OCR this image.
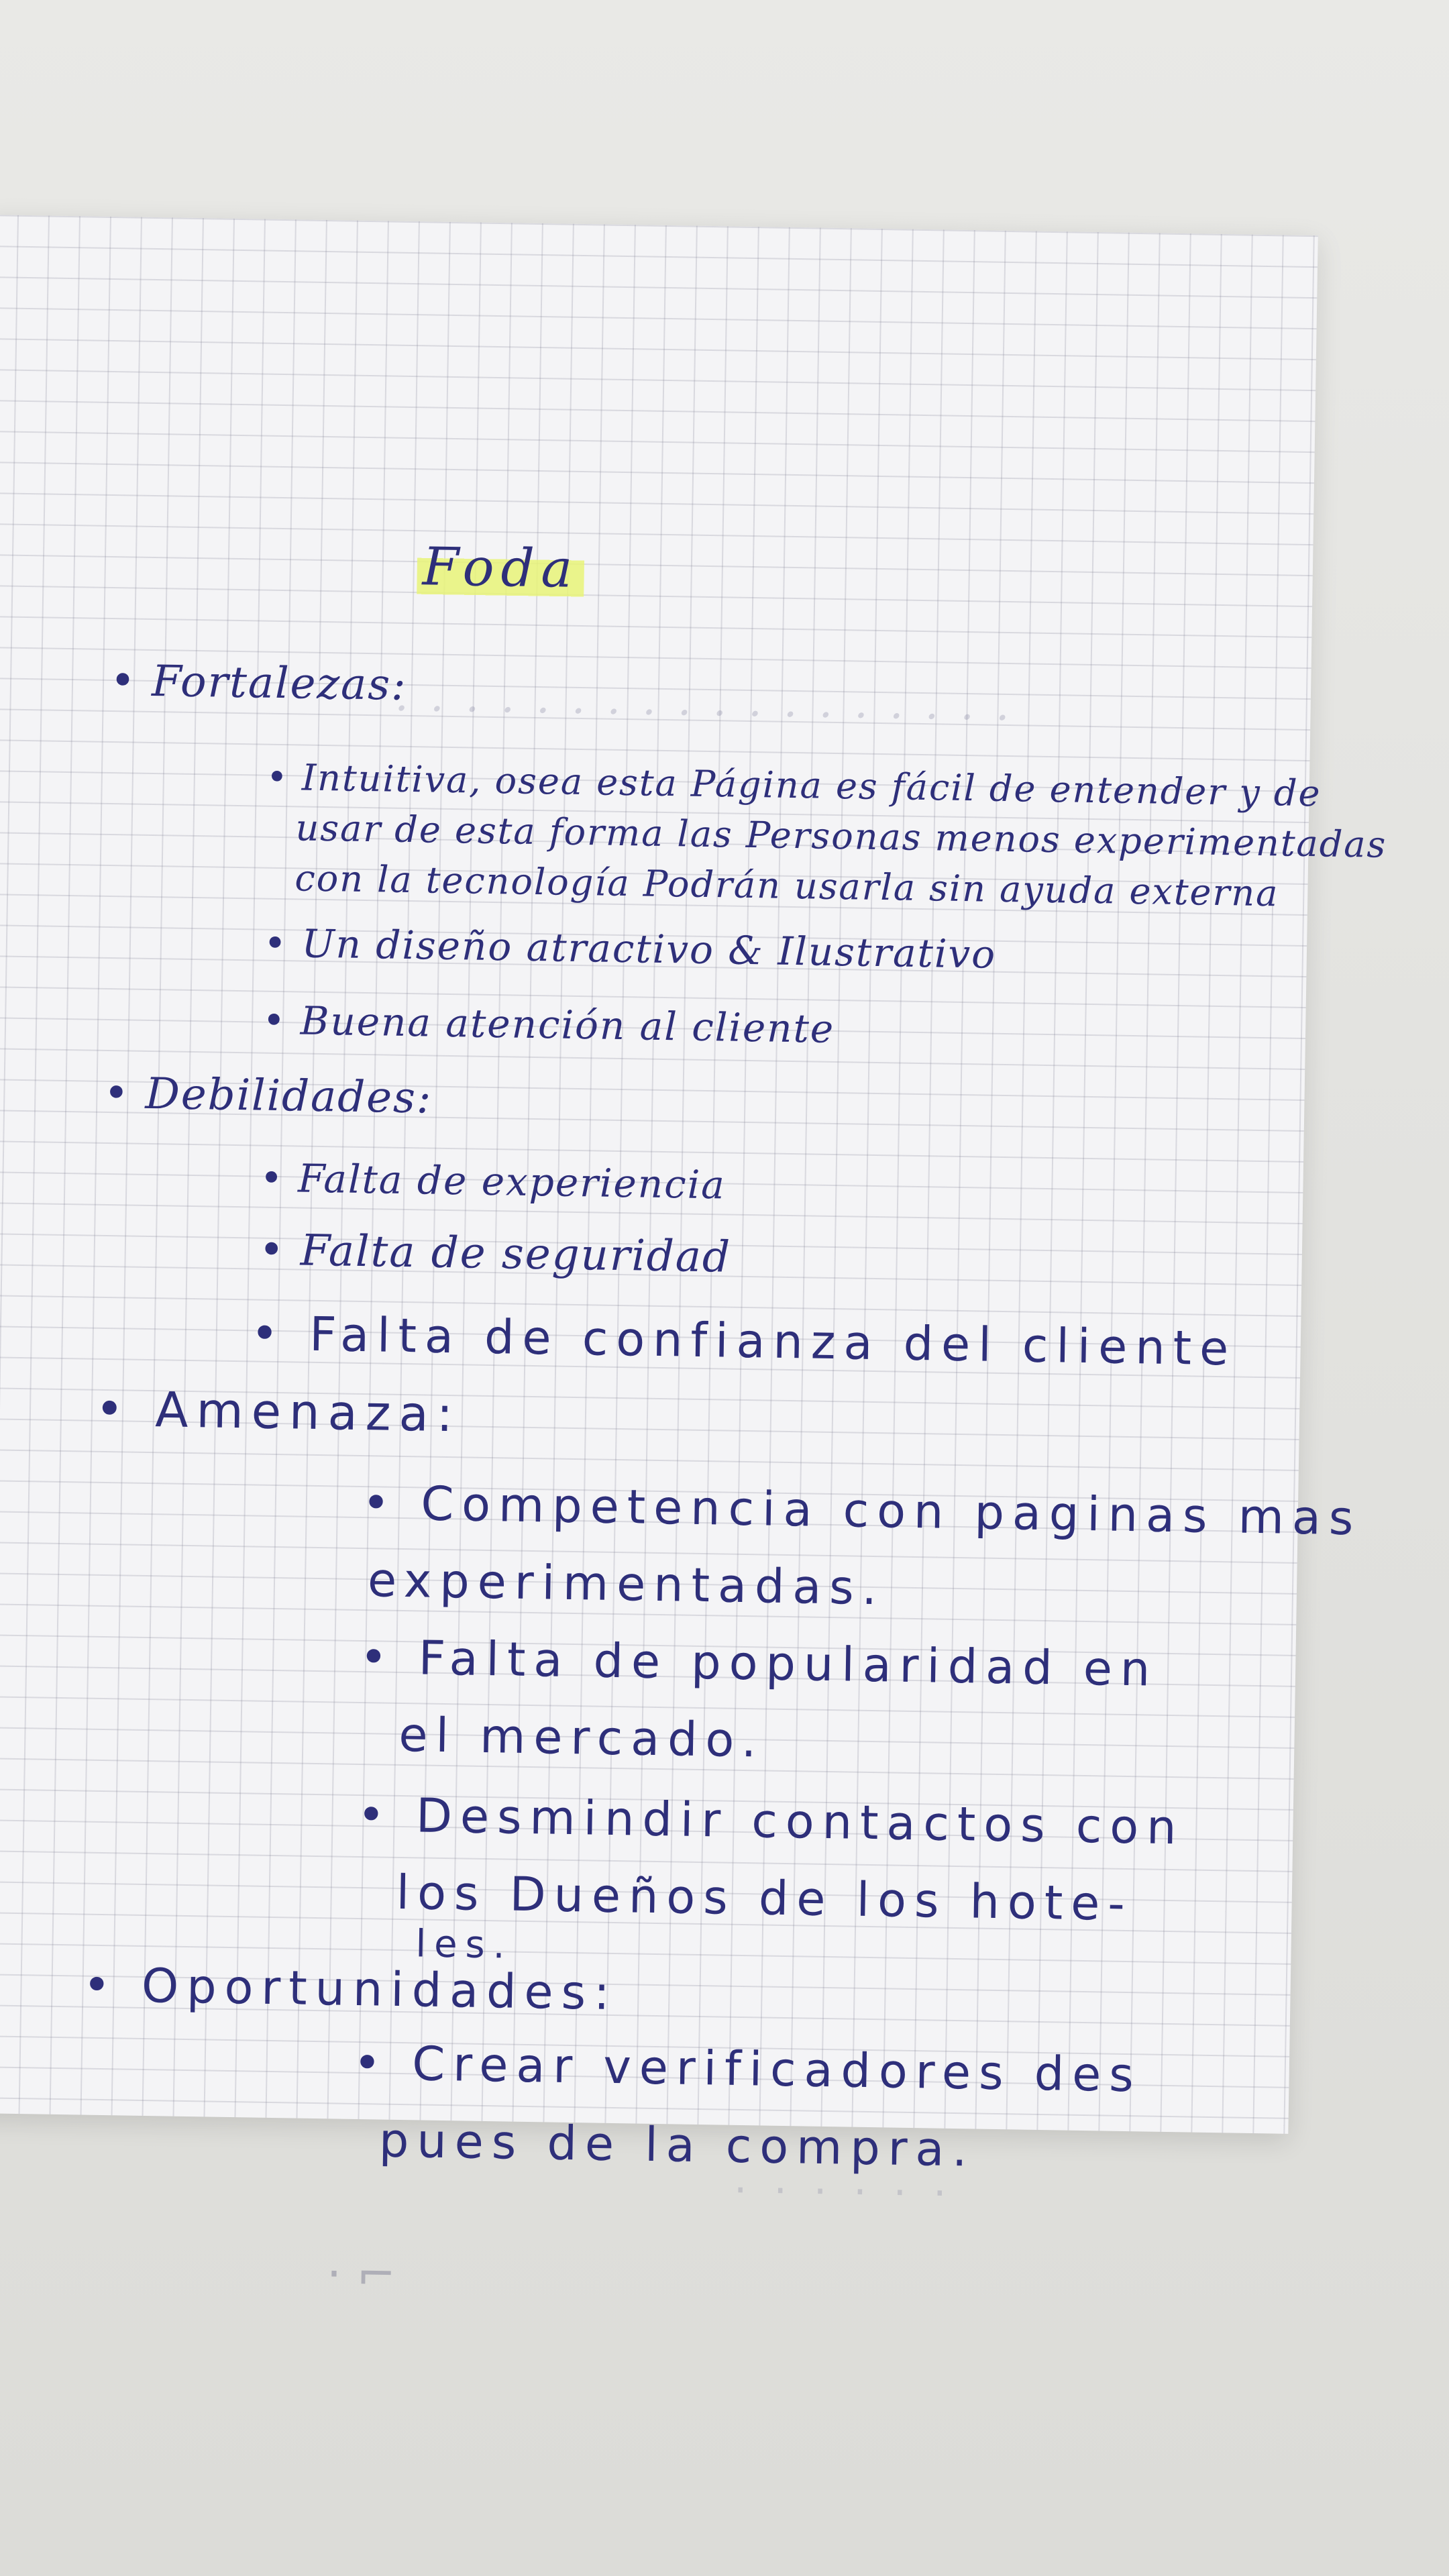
· · · · · · · · · · · · · · · · · ·
Foda
• Fortalezas:
• Intuitiva, osea esta Página es fácil de entender y de
usar de esta forma las Personas menos experimentadas
con la tecnología Podrán usarla sin ayuda externa
• Un diseño atractivo & Ilustrativo
• Buena atención al cliente
• Debilidades:
• Falta de experiencia
• Falta de seguridad
• Falta de confianza del cliente
• Amenaza:
• Competencia con paginas mas
experimentadas.
• Falta de popularidad en
el mercado.
• Desmindir contactos con
los Dueños de los hote-
les.
• Oportunidades:
• Crear verificadores des
pues de la compra.
· · · · · ·
· ⌐
